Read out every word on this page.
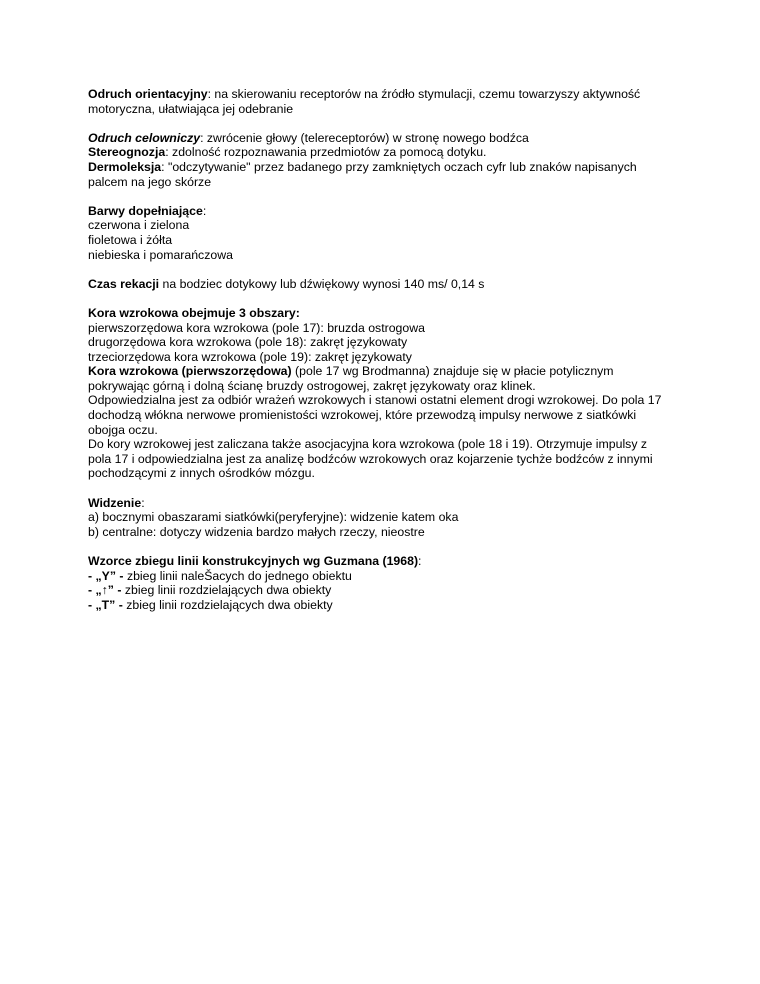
Odruch orientacyjny: na skierowaniu receptorów na źródło stymulacji, czemu towarzyszy aktywność
motoryczna, ułatwiająca jej odebranie
Odruch celowniczy: zwrócenie głowy (telereceptorów) w stronę nowego bodźca
Stereognozja: zdolność rozpoznawania przedmiotów za pomocą dotyku.
Dermoleksja: "odczytywanie" przez badanego przy zamkniętych oczach cyfr lub znaków napisanych
palcem na jego skórze
Barwy dopełniające:
czerwona i zielona
fioletowa i żółta
niebieska i pomarańczowa
Czas rekacji na bodziec dotykowy lub dźwiękowy wynosi 140 ms/ 0,14 s
Kora wzrokowa obejmuje 3 obszary:
pierwszorzędowa kora wzrokowa (pole 17): bruzda ostrogowa
drugorzędowa kora wzrokowa (pole 18): zakręt językowaty
trzeciorzędowa kora wzrokowa (pole 19): zakręt językowaty
Kora wzrokowa (pierwszorzędowa) (pole 17 wg Brodmanna) znajduje się w płacie potylicznym
pokrywając górną i dolną ścianę bruzdy ostrogowej, zakręt językowaty oraz klinek.
Odpowiedzialna jest za odbiór wrażeń wzrokowych i stanowi ostatni element drogi wzrokowej. Do pola 17
dochodzą włókna nerwowe promienistości wzrokowej, które przewodzą impulsy nerwowe z siatkówki
obojga oczu.
Do kory wzrokowej jest zaliczana także asocjacyjna kora wzrokowa (pole 18 i 19). Otrzymuje impulsy z
pola 17 i odpowiedzialna jest za analizę bodźców wzrokowych oraz kojarzenie tychże bodźców z innymi
pochodzącymi z innych ośrodków mózgu.
Widzenie:
a) bocznymi obaszarami siatkówki(peryferyjne): widzenie katem oka
b) centralne: dotyczy widzenia bardzo małych rzeczy, nieostre
Wzorce zbiegu linii konstrukcyjnych wg Guzmana (1968):
- „Y” - zbieg linii naleŠacych do jednego obiektu
- „↑” - zbieg linii rozdzielających dwa obiekty
- „T” - zbieg linii rozdzielających dwa obiekty
